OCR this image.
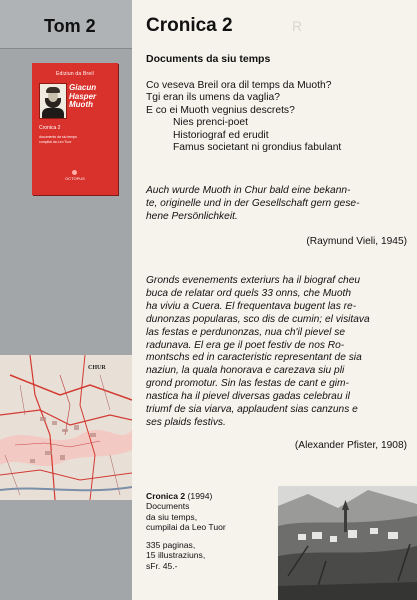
Tom 2	Cronica 2	R
Ediziun da Breil
Giacun
Hasper
Muoth
Cronica 2
documents da siu temps cumpilai da Leo Tuor
OCTOPUS
CHUR
Documents da siu temps
Co veseva Breil ora dil temps da Muoth?
Tgi eran ils umens da vaglia?
E co ei Muoth vegnius descrets?
Nies prenci-poet
Historiograf ed erudit
Famus societant ni grondius fabulant
Auch wurde Muoth in Chur bald eine bekann-
te, originelle und in der Gesellschaft gern gese-
hene Persönlichkeit.
(Raymund Vieli, 1945)
Gronds evenements exteriurs ha il biograf cheu
buca de relatar ord quels 33 onns, che Muoth
ha viviu a Cuera. El frequentava bugent las re-
dunonzas popularas, sco dis de cumin; el visitava
las festas e perdunonzas, nua ch'il pievel se
radunava. El era ge il poet festiv de nos Ro-
montschs ed in caracteristic representant de sia
naziun, la quala honorava e carezava siu pli
grond promotur. Sin las festas de cant e gim-
nastica ha il pievel diversas gadas celebrau il
triumf de sia viarva, applaudent sias canzuns e
ses plaids festivs.
(Alexander Pfister, 1908)
Cronica 2 (1994)
Documents
da siu temps,
cumpilai da Leo Tuor
335 paginas,
15 illustraziuns,
sFr. 45.-
